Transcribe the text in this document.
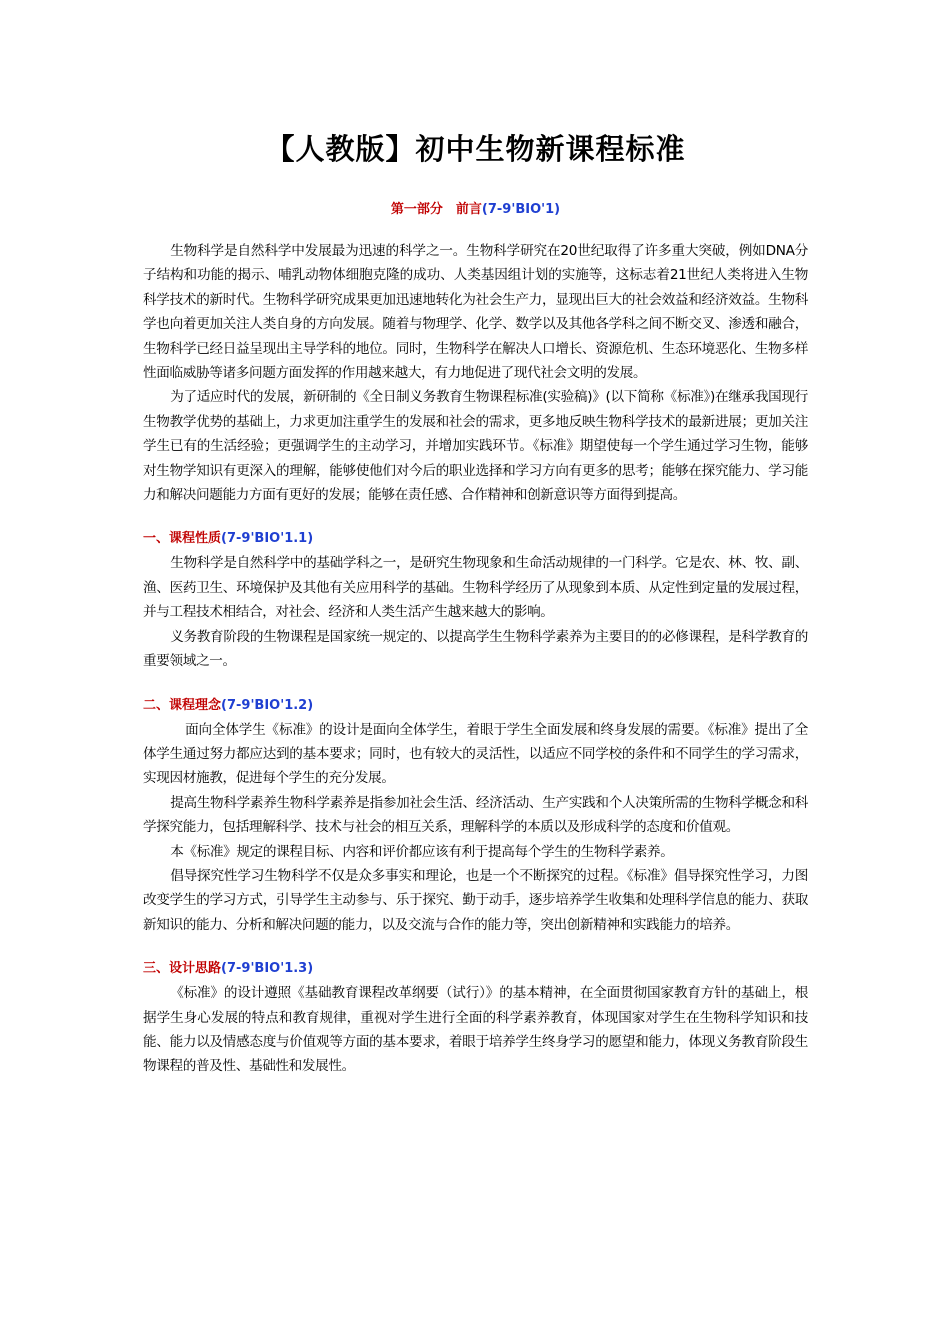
【人教版】初中生物新课程标准
第一部分　前言(7-9'BIO'1)

生物科学是自然科学中发展最为迅速的科学之一。生物科学研究在20世纪取得了许多重大突破，例如DNA分子结构和功能的揭示、哺乳动物体细胞克隆的成功、人类基因组计划的实施等，这标志着21世纪人类将进入生物科学技术的新时代。生物科学研究成果更加迅速地转化为社会生产力，显现出巨大的社会效益和经济效益。生物科学也向着更加关注人类自身的方向发展。随着与物理学、化学、数学以及其他各学科之间不断交叉、渗透和融合，生物科学已经日益呈现出主导学科的地位。同时，生物科学在解决人口增长、资源危机、生态环境恶化、生物多样性面临威胁等诸多问题方面发挥的作用越来越大，有力地促进了现代社会文明的发展。

为了适应时代的发展，新研制的《全日制义务教育生物课程标准(实验稿)》(以下简称《标准》)在继承我国现行生物教学优势的基础上，力求更加注重学生的发展和社会的需求，更多地反映生物科学技术的最新进展；更加关注学生已有的生活经验；更强调学生的主动学习，并增加实践环节。《标准》期望使每一个学生通过学习生物，能够对生物学知识有更深入的理解，能够使他们对今后的职业选择和学习方向有更多的思考；能够在探究能力、学习能力和解决问题能力方面有更好的发展；能够在责任感、合作精神和创新意识等方面得到提高。

一、课程性质(7-9'BIO'1.1)

生物科学是自然科学中的基础学科之一，是研究生物现象和生命活动规律的一门科学。它是农、林、牧、副、渔、医药卫生、环境保护及其他有关应用科学的基础。生物科学经历了从现象到本质、从定性到定量的发展过程，并与工程技术相结合，对社会、经济和人类生活产生越来越大的影响。

义务教育阶段的生物课程是国家统一规定的、以提高学生生物科学素养为主要目的的必修课程，是科学教育的重要领域之一。

二、课程理念(7-9'BIO'1.2)

面向全体学生《标准》的设计是面向全体学生，着眼于学生全面发展和终身发展的需要。《标准》提出了全体学生通过努力都应达到的基本要求；同时，也有较大的灵活性，以适应不同学校的条件和不同学生的学习需求，实现因材施教，促进每个学生的充分发展。

提高生物科学素养生物科学素养是指参加社会生活、经济活动、生产实践和个人决策所需的生物科学概念和科学探究能力，包括理解科学、技术与社会的相互关系，理解科学的本质以及形成科学的态度和价值观。

本《标准》规定的课程目标、内容和评价都应该有利于提高每个学生的生物科学素养。

倡导探究性学习生物科学不仅是众多事实和理论，也是一个不断探究的过程。《标准》倡导探究性学习，力图改变学生的学习方式，引导学生主动参与、乐于探究、勤于动手，逐步培养学生收集和处理科学信息的能力、获取新知识的能力、分析和解决问题的能力，以及交流与合作的能力等，突出创新精神和实践能力的培养。

三、设计思路(7-9'BIO'1.3)

《标准》的设计遵照《基础教育课程改革纲要（试行）》的基本精神，在全面贯彻国家教育方针的基础上，根据学生身心发展的特点和教育规律，重视对学生进行全面的科学素养教育，体现国家对学生在生物科学知识和技能、能力以及情感态度与价值观等方面的基本要求，着眼于培养学生终身学习的愿望和能力，体现义务教育阶段生物课程的普及性、基础性和发展性。
